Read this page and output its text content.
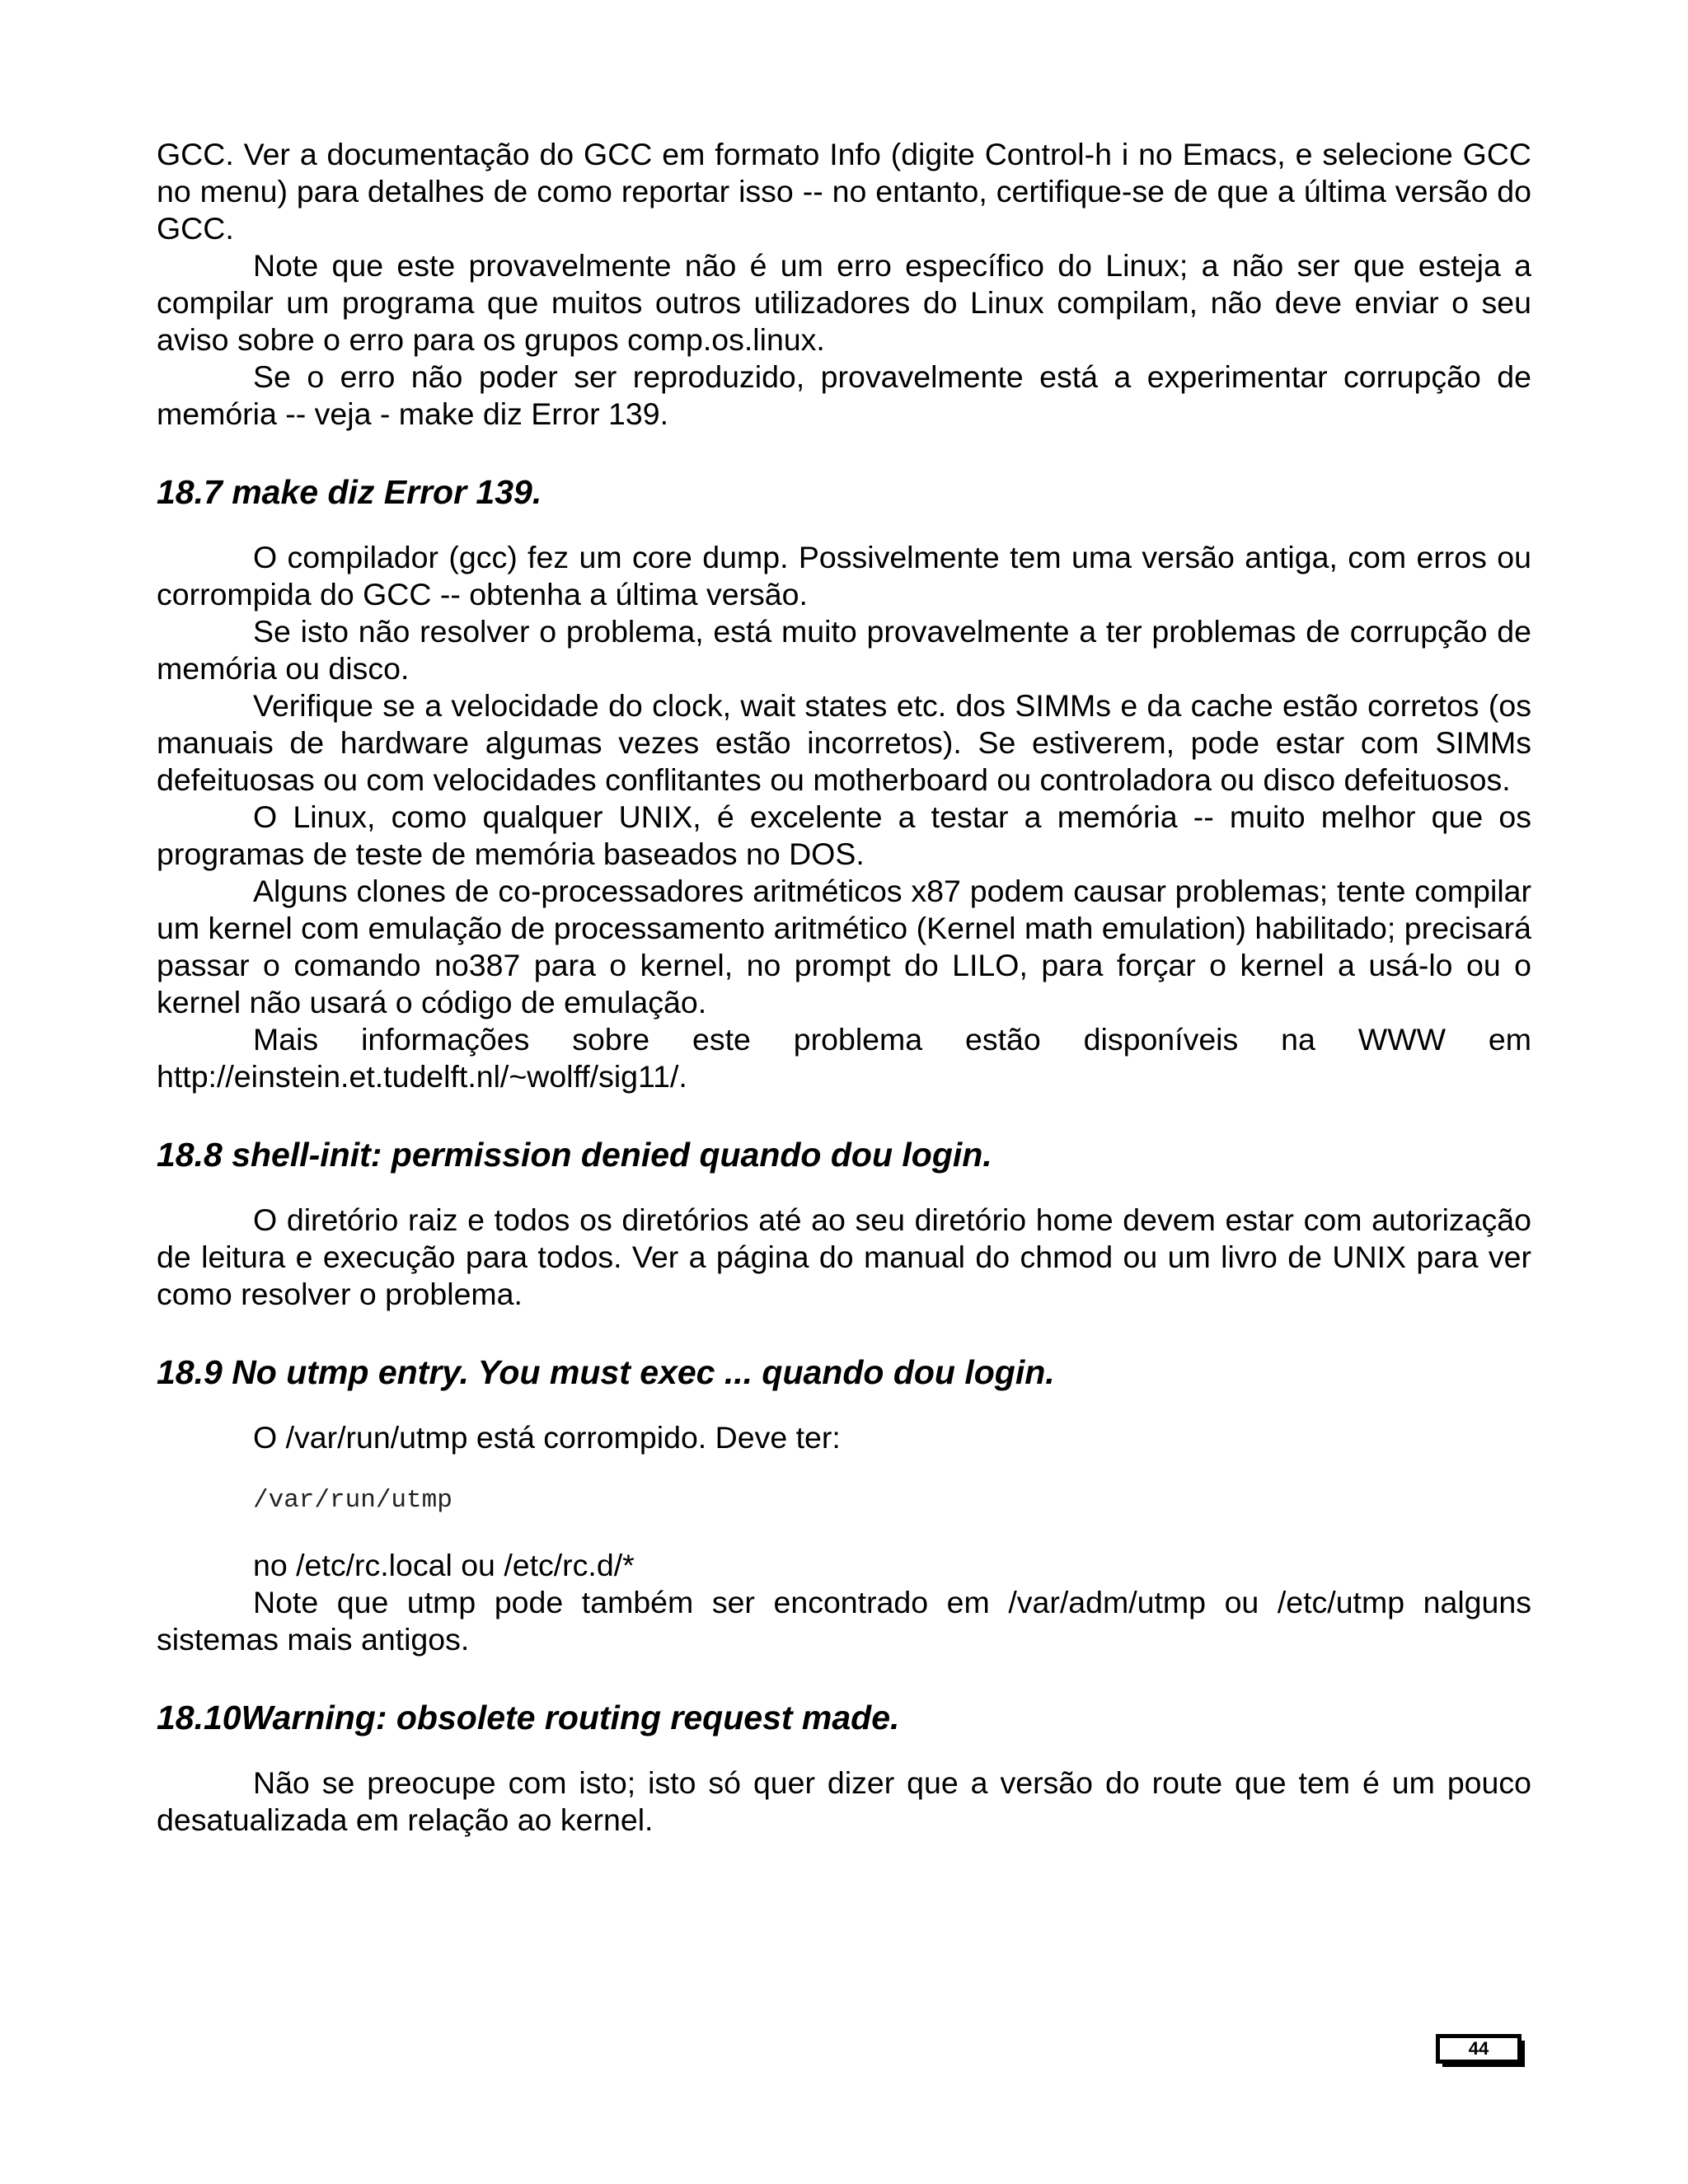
GCC. Ver a documentação do GCC em formato Info (digite Control-h i no Emacs, e selecione GCC no menu) para detalhes de como reportar isso -- no entanto, certifique-se de que a última versão do GCC.

Note que este provavelmente não é um erro específico do Linux; a não ser que esteja a compilar um programa que muitos outros utilizadores do Linux compilam, não deve enviar o seu aviso sobre o erro para os grupos comp.os.linux.

Se o erro não poder ser reproduzido, provavelmente está a experimentar corrupção de memória -- veja - make diz Error 139.

18.7 make diz Error 139.

O compilador (gcc) fez um core dump. Possivelmente tem uma versão antiga, com erros ou corrompida do GCC -- obtenha a última versão.

Se isto não resolver o problema, está muito provavelmente a ter problemas de corrupção de memória ou disco.

Verifique se a velocidade do clock, wait states etc. dos SIMMs e da cache estão corretos (os manuais de hardware algumas vezes estão incorretos). Se estiverem, pode estar com SIMMs defeituosas ou com velocidades conflitantes ou motherboard ou controladora ou disco defeituosos.

O Linux, como qualquer UNIX, é excelente a testar a memória -- muito melhor que os programas de teste de memória baseados no DOS.

Alguns clones de co-processadores aritméticos x87 podem causar problemas; tente compilar um kernel com emulação de processamento aritmético (Kernel math emulation) habilitado; precisará passar o comando no387 para o kernel, no prompt do LILO, para forçar o kernel a usá-lo ou o kernel não usará o código de emulação.

Mais informações sobre este problema estão disponíveis na WWW em http://einstein.et.tudelft.nl/~wolff/sig11/.

18.8 shell-init: permission denied quando dou login.

O diretório raiz e todos os diretórios até ao seu diretório home devem estar com autorização de leitura e execução para todos. Ver a página do manual do chmod ou um livro de UNIX para ver como resolver o problema.

18.9 No utmp entry. You must exec ... quando dou login.

O /var/run/utmp está corrompido. Deve ter:

/var/run/utmp

no /etc/rc.local ou /etc/rc.d/*

Note que utmp pode também ser encontrado em /var/adm/utmp ou /etc/utmp nalguns sistemas mais antigos.

18.10Warning: obsolete routing request made.

Não se preocupe com isto; isto só quer dizer que a versão do route que tem é um pouco desatualizada em relação ao kernel.

44
